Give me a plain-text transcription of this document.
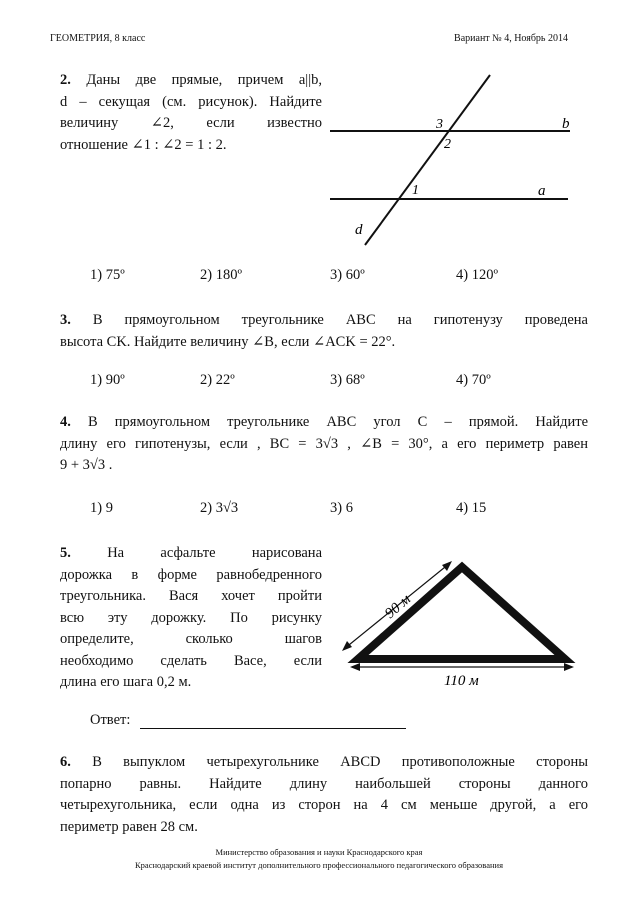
ГЕОМЕТРИЯ, 8 класс	Вариант № 4, Ноябрь 2014
2. Даны две прямые, причем a||b,
d – секущая (см. рисунок). Найдите
величину ∠2, если известно
отношение ∠1 : ∠2 = 1 : 2.
b
a
d
3
2
1
1) 75º	2) 180º	3) 60º	4) 120º
3. В прямоугольном треугольнике ABC на гипотенузу проведена
высота CK. Найдите величину ∠B, если ∠ACK = 22°.
1) 90º	2) 22º	3) 68º	4) 70º
4. В прямоугольном треугольнике ABC угол C – прямой. Найдите
длину его гипотенузы, если , BC = 3√3 , ∠B = 30°, а его периметр равен
9 + 3√3 .
1) 9	2) 3√3	3) 6	4) 15
5.	На асфальте нарисована
дорожка в форме равнобедренного
треугольника. Вася хочет пройти
всю эту дорожку. По рисунку
определите, сколько шагов
необходимо сделать Васе, если
длина его шага 0,2 м.
90 м
110 м
Ответ:
6. В выпуклом четырехугольнике ABCD противоположные стороны
попарно равны. Найдите длину наибольшей стороны данного
четырехугольника, если одна из сторон на 4 см меньше другой, а его
периметр равен 28 см.
Министерство образования и науки Краснодарского края
Краснодарский краевой институт дополнительного профессионального педагогического образования
